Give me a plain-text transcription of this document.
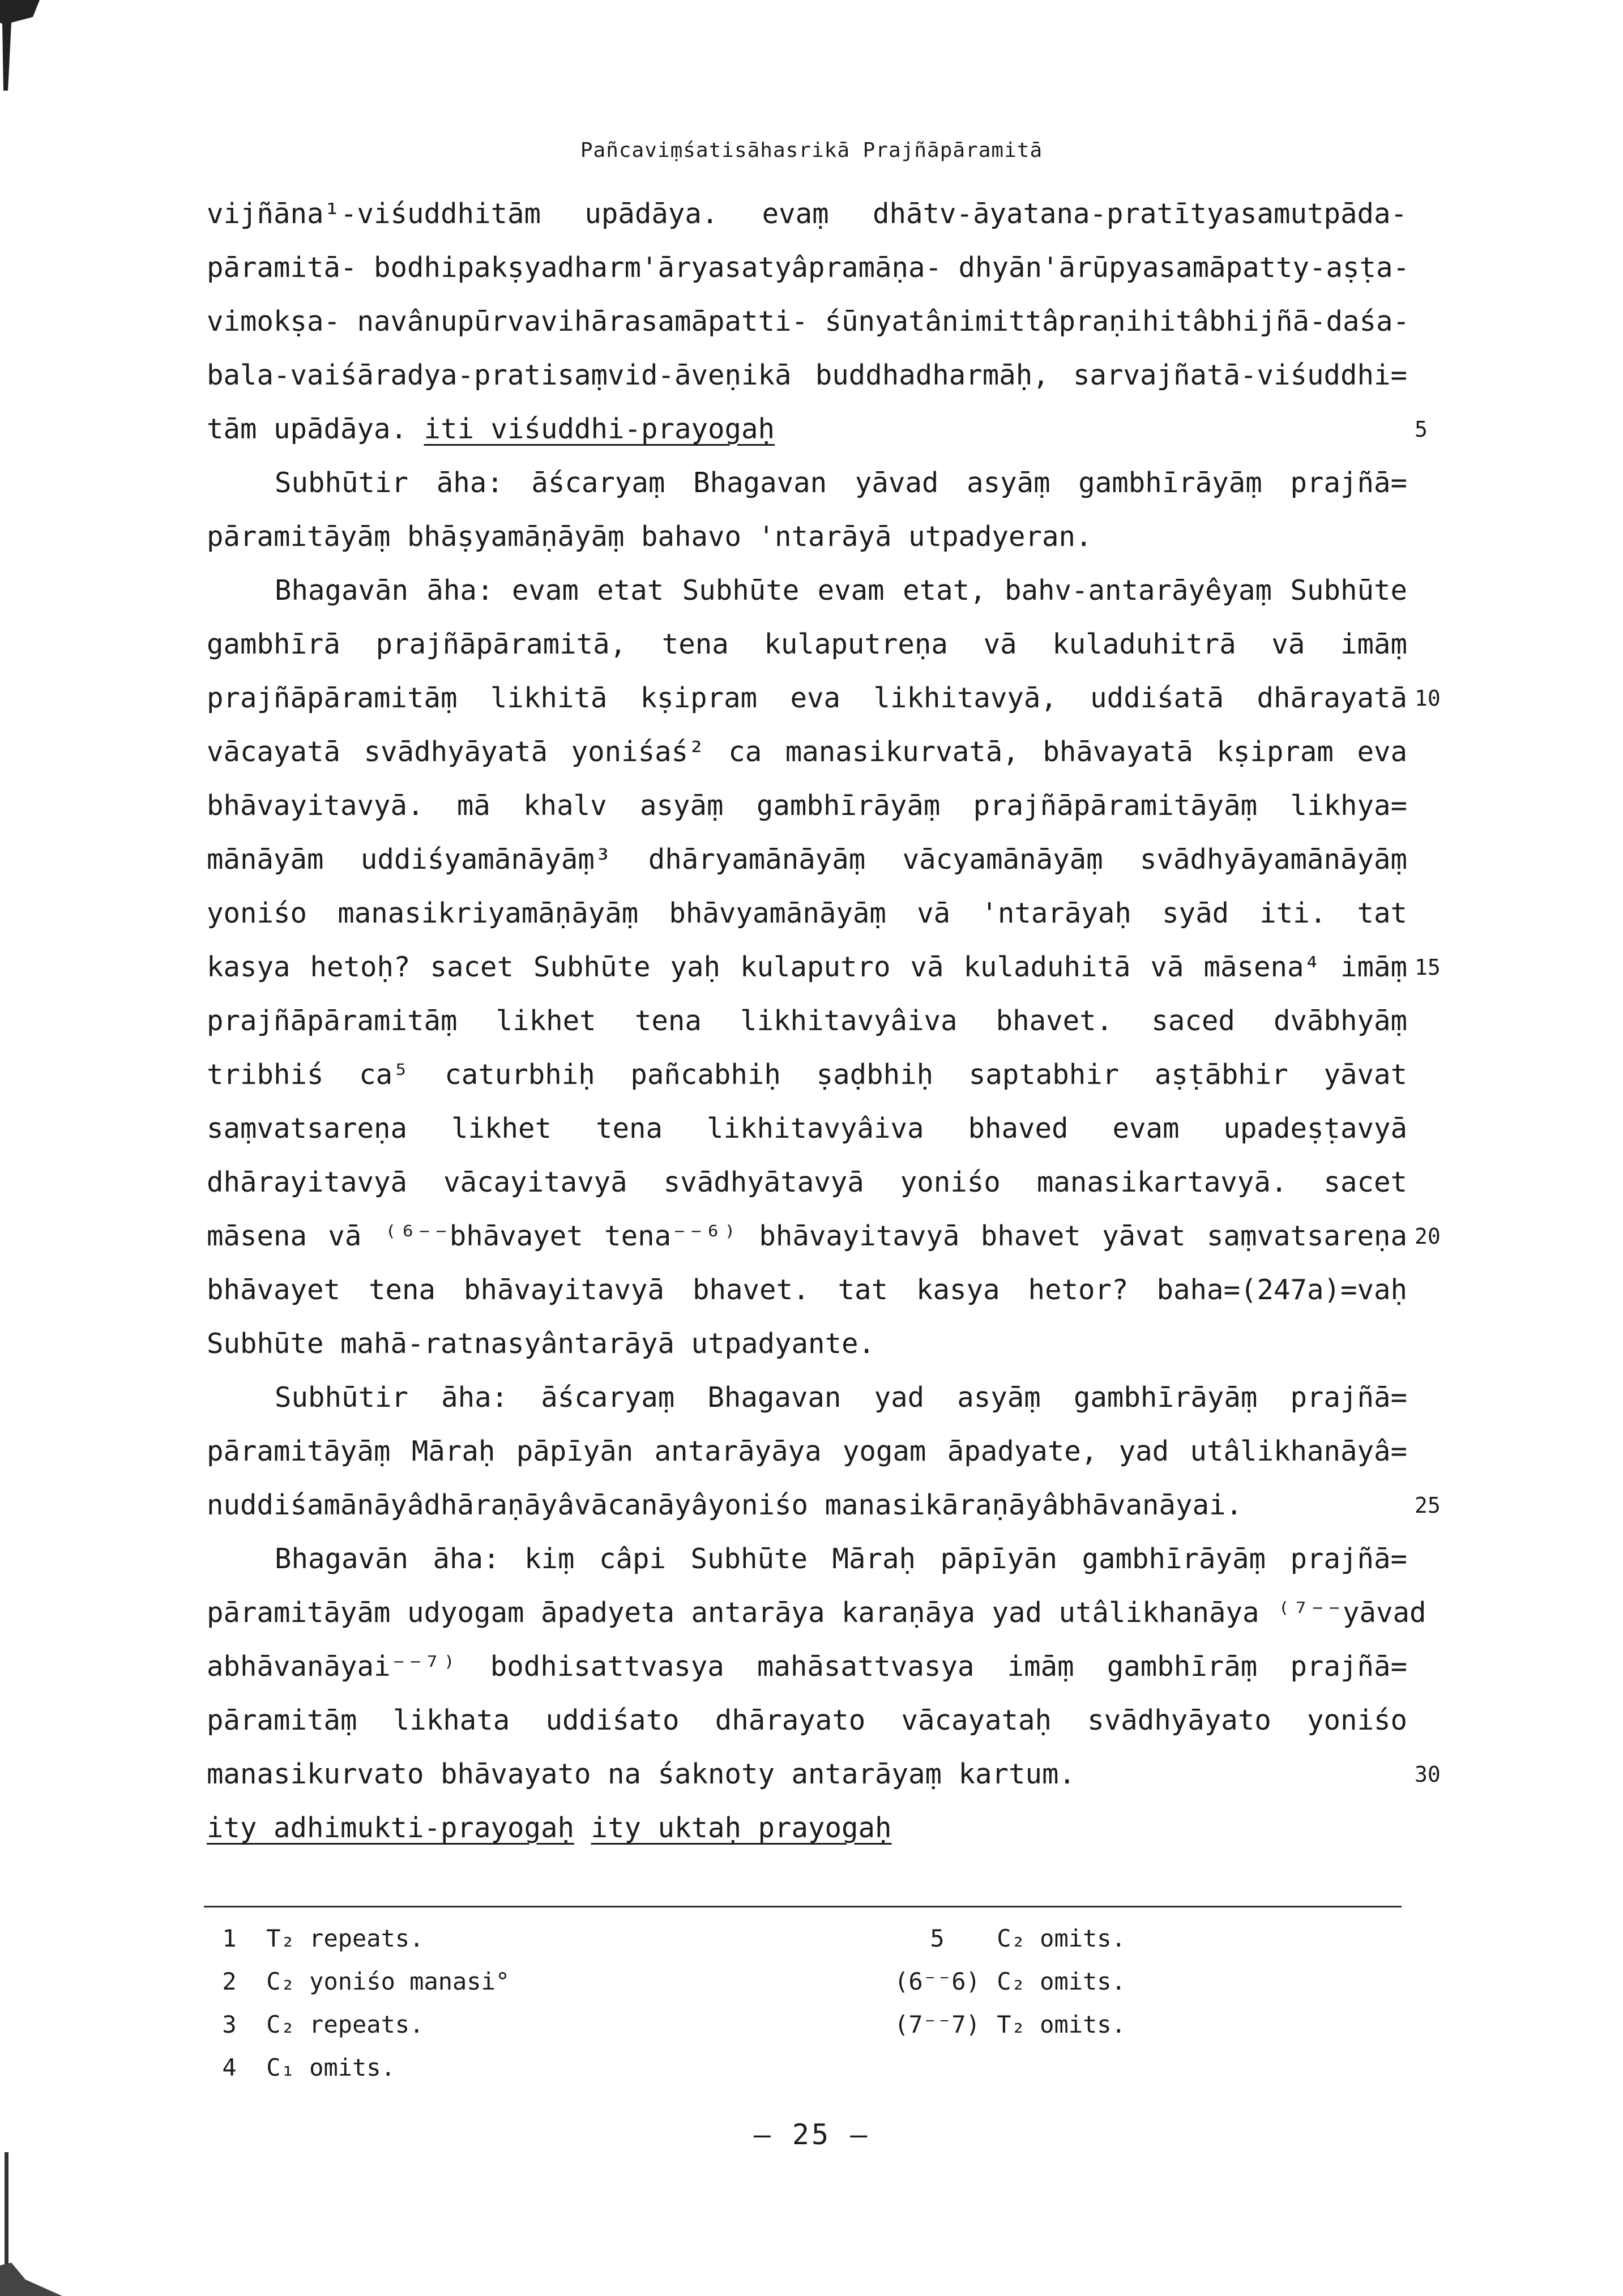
Pañcaviṃśatisāhasrikā Prajñāpāramitā
vijñāna¹-viśuddhitām upādāya. evaṃ dhātv-āyatana-pratītyasamutpāda-
pāramitā- bodhipakṣyadharm'āryasatyâpramāṇa- dhyān'ārūpyasamāpatty-aṣṭa-
vimokṣa- navânupūrvavihārasamāpatti- śūnyatânimittâpraṇihitâbhijñā-daśa-
bala-vaiśāradya-pratisaṃvid-āveṇikā buddhadharmāḥ, sarvajñatā-viśuddhi=
tām upādāya. iti viśuddhi-prayogaḥ	5
Subhūtir āha: āścaryaṃ Bhagavan yāvad asyāṃ gambhīrāyāṃ prajñā=
pāramitāyāṃ bhāṣyamāṇāyāṃ bahavo 'ntarāyā utpadyeran.
Bhagavān āha: evam etat Subhūte evam etat, bahv-antarāyêyaṃ Subhūte
gambhīrā prajñāpāramitā, tena kulaputreṇa vā kuladuhitrā vā imāṃ
prajñāpāramitāṃ likhitā kṣipram eva likhitavyā, uddiśatā dhārayatā 10
vācayatā svādhyāyatā yoniśaś² ca manasikurvatā, bhāvayatā kṣipram eva
bhāvayitavyā. mā khalv asyāṃ gambhīrāyāṃ prajñāpāramitāyāṃ likhya=
mānāyām uddiśyamānāyāṃ³ dhāryamānāyāṃ vācyamānāyāṃ svādhyāyamānāyāṃ
yoniśo manasikriyamāṇāyāṃ bhāvyamānāyāṃ vā 'ntarāyaḥ syād iti. tat
kasya hetoḥ? sacet Subhūte yaḥ kulaputro vā kuladuhitā vā māsena⁴ imāṃ 15
prajñāpāramitāṃ likhet tena likhitavyâiva bhavet. saced dvābhyāṃ
tribhiś ca⁵ caturbhiḥ pañcabhiḥ ṣaḍbhiḥ saptabhir aṣṭābhir yāvat
saṃvatsareṇa likhet tena likhitavyâiva bhaved evam upadeṣṭavyā
dhārayitavyā vācayitavyā svādhyātavyā yoniśo manasikartavyā. sacet
māsena vā ⁽⁶⁻⁻bhāvayet tena⁻⁻⁶⁾ bhāvayitavyā bhavet yāvat saṃvatsareṇa 20
bhāvayet tena bhāvayitavyā bhavet. tat kasya hetor? baha=(247a)=vaḥ
Subhūte mahā-ratnasyântarāyā utpadyante.
Subhūtir āha: āścaryaṃ Bhagavan yad asyāṃ gambhīrāyāṃ prajñā=
pāramitāyāṃ Māraḥ pāpīyān antarāyāya yogam āpadyate, yad utâlikhanāyâ=
nuddiśamānāyâdhāraṇāyâvācanāyâyoniśo manasikāraṇāyâbhāvanāyai.	25
Bhagavān āha: kiṃ câpi Subhūte Māraḥ pāpīyān gambhīrāyāṃ prajñā=
pāramitāyām udyogam āpadyeta antarāya karaṇāya yad utâlikhanāya ⁽⁷⁻⁻yāvad
abhāvanāyai⁻⁻⁷⁾ bodhisattvasya mahāsattvasya imāṃ gambhīrāṃ prajñā=
pāramitāṃ likhata uddiśato dhārayato vācayataḥ svādhyāyato yoniśo
manasikurvato bhāvayato na śaknoty antarāyaṃ kartum.	30
ity adhimukti-prayogaḥ ity uktaḥ prayogaḥ
1 T₂ repeats.
2 C₂ yoniśo manasi°
3 C₂ repeats.
4 C₁ omits.
5 C₂ omits.
(6⁻⁻6) C₂ omits.
(7⁻⁻7) T₂ omits.
— 25 —
